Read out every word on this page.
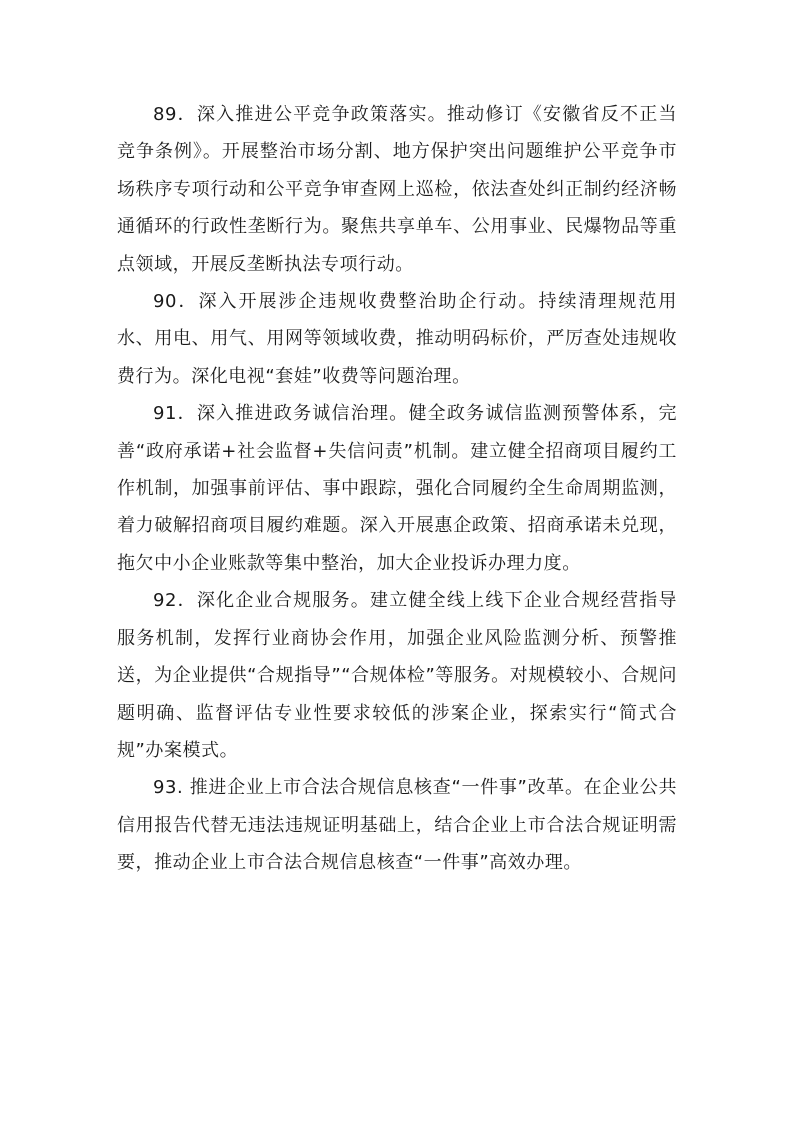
89．深入推进公平竞争政策落实。推动修订《安徽省反不正当竞争条例》。开展整治市场分割、地方保护突出问题维护公平竞争市场秩序专项行动和公平竞争审查网上巡检，依法查处纠正制约经济畅通循环的行政性垄断行为。聚焦共享单车、公用事业、民爆物品等重点领域，开展反垄断执法专项行动。

90．深入开展涉企违规收费整治助企行动。持续清理规范用水、用电、用气、用网等领域收费，推动明码标价，严厉查处违规收费行为。深化电视“套娃”收费等问题治理。

91．深入推进政务诚信治理。健全政务诚信监测预警体系，完善“政府承诺+社会监督+失信问责”机制。建立健全招商项目履约工作机制，加强事前评估、事中跟踪，强化合同履约全生命周期监测，着力破解招商项目履约难题。深入开展惠企政策、招商承诺未兑现，拖欠中小企业账款等集中整治，加大企业投诉办理力度。

92．深化企业合规服务。建立健全线上线下企业合规经营指导服务机制，发挥行业商协会作用，加强企业风险监测分析、预警推送，为企业提供“合规指导”“合规体检”等服务。对规模较小、合规问题明确、监督评估专业性要求较低的涉案企业，探索实行“简式合规”办案模式。

93. 推进企业上市合法合规信息核查“一件事”改革。在企业公共信用报告代替无违法违规证明基础上，结合企业上市合法合规证明需要，推动企业上市合法合规信息核查“一件事”高效办理。
